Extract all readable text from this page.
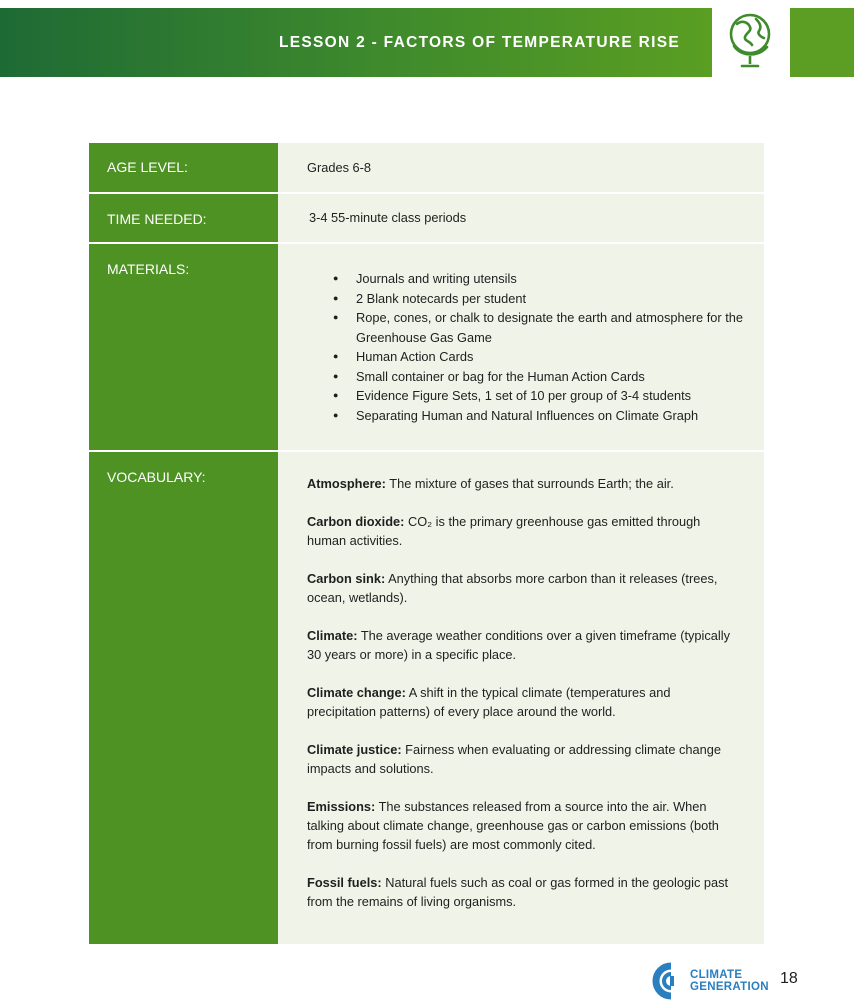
LESSON 2 - FACTORS OF TEMPERATURE RISE
AGE LEVEL:	Grades 6-8
TIME NEEDED:	3-4 55-minute class periods
MATERIALS:
● Journals and writing utensils
● 2 Blank notecards per student
● Rope, cones, or chalk to designate the earth and atmosphere for the Greenhouse Gas Game
● Human Action Cards
● Small container or bag for the Human Action Cards
● Evidence Figure Sets, 1 set of 10 per group of 3-4 students
● Separating Human and Natural Influences on Climate Graph
VOCABULARY:	Atmosphere: The mixture of gases that surrounds Earth; the air.
Carbon dioxide: CO₂ is the primary greenhouse gas emitted through human activities.
Carbon sink: Anything that absorbs more carbon than it releases (trees, ocean, wetlands).
Climate: The average weather conditions over a given timeframe (typically 30 years or more) in a specific place.
Climate change: A shift in the typical climate (temperatures and precipitation patterns) of every place around the world.
Climate justice: Fairness when evaluating or addressing climate change impacts and solutions.
Emissions: The substances released from a source into the air. When talking about climate change, greenhouse gas or carbon emissions (both from burning fossil fuels) are most commonly cited.
Fossil fuels: Natural fuels such as coal or gas formed in the geologic past from the remains of living organisms.
CLIMATE
GENERATION 18
